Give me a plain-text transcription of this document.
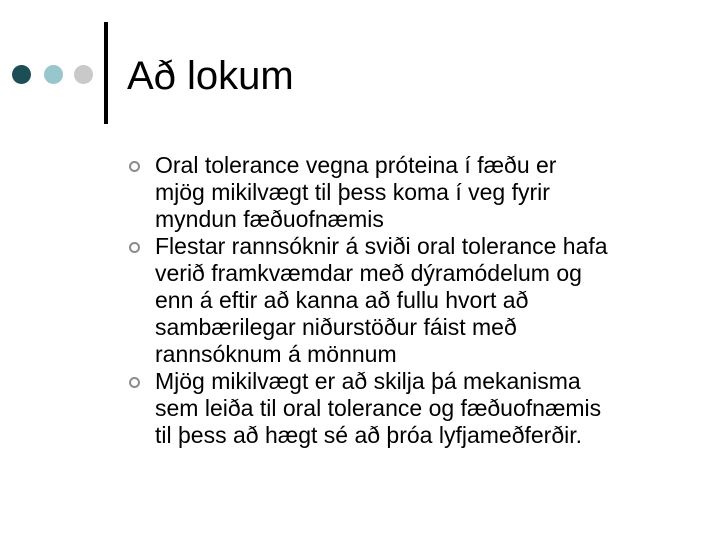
Að lokum
Oral tolerance vegna próteina í fæðu er
mjög mikilvægt til þess koma í veg fyrir
myndun fæðuofnæmis
Flestar rannsóknir á sviði oral tolerance hafa
verið framkvæmdar með dýramódelum og
enn á eftir að kanna að fullu hvort að
sambærilegar niðurstöður fáist með
rannsóknum á mönnum
Mjög mikilvægt er að skilja þá mekanisma
sem leiða til oral tolerance og fæðuofnæmis
til þess að hægt sé að þróa lyfjameðferðir.
